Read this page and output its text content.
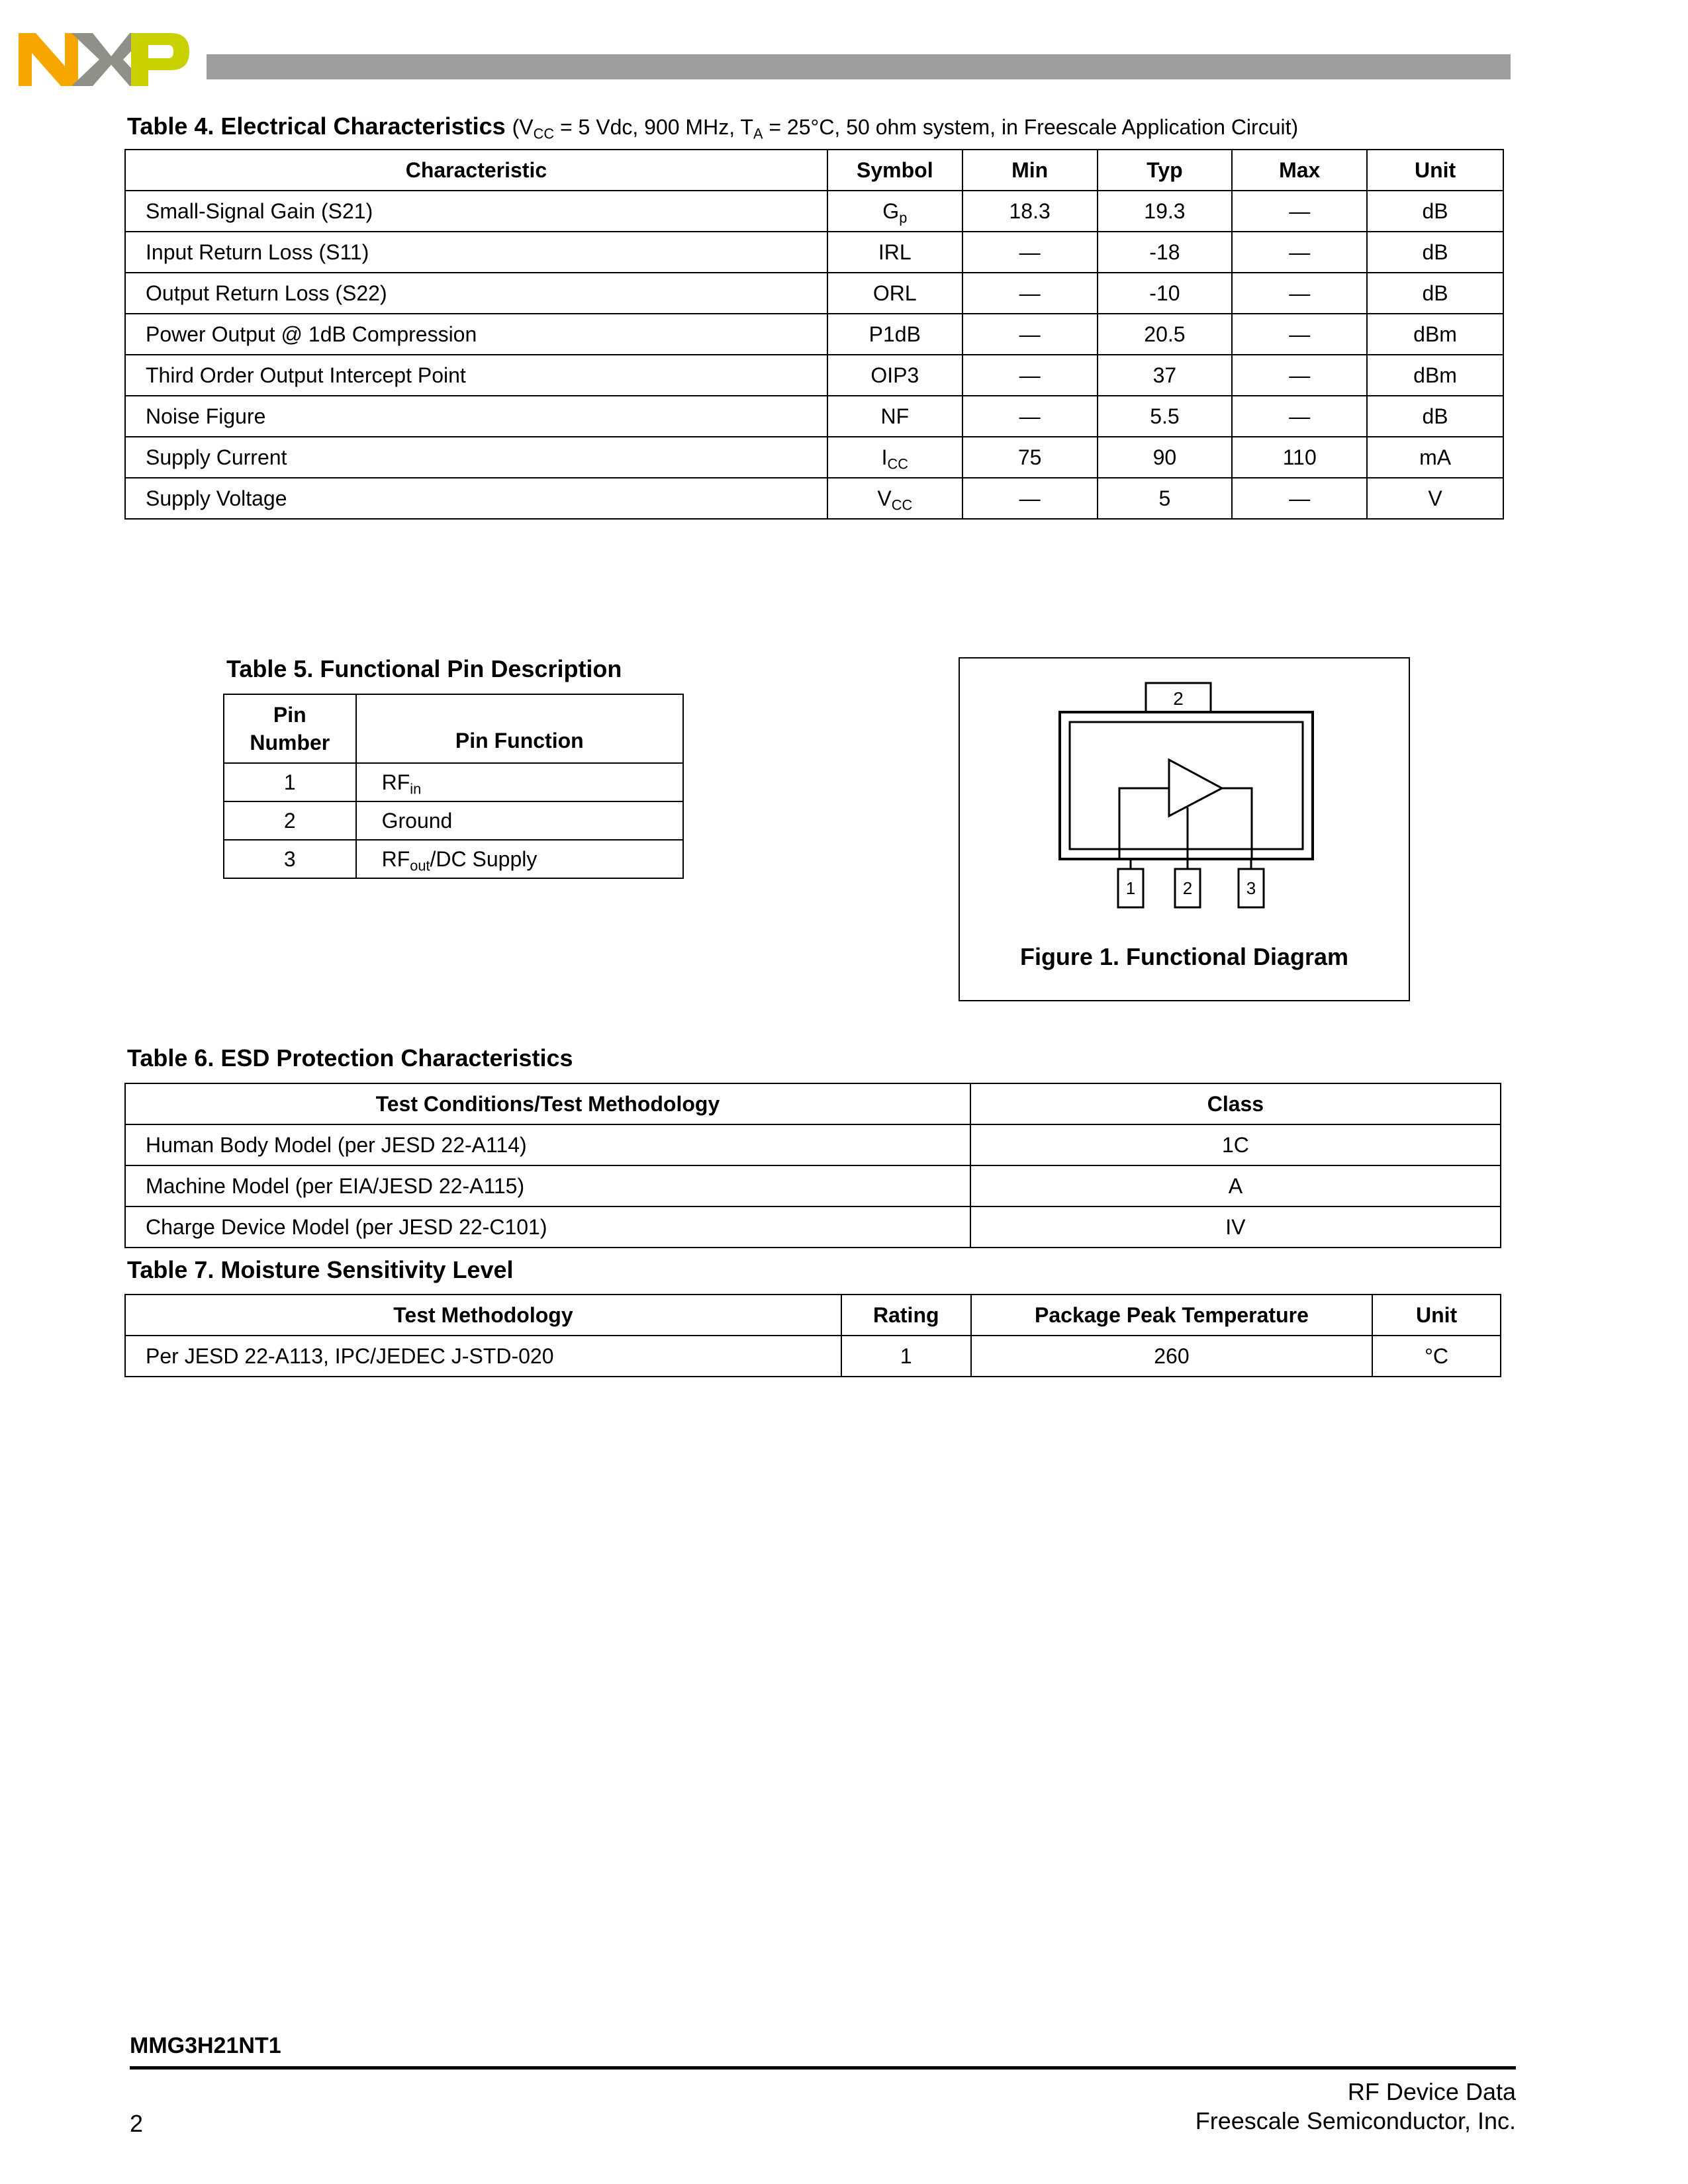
Table 4. Electrical Characteristics ($V_{CC} = 5$ Vdc, 900 MHz, $T_A = 25^\circ C$, 50 ohm system, in Freescale Application Circuit)
Characteristic	Symbol	Min	Typ	Max	Unit
Small-Signal Gain (S21)	$G_p$	18.3	19.3	—	dB
Input Return Loss (S11)	IRL	—	-18	—	dB
Output Return Loss (S22)	ORL	—	-10	—	dB
Power Output @ 1dB Compression	P1dB	—	20.5	—	dBm
Third Order Output Intercept Point	OIP3	—	37	—	dBm
Noise Figure	NF	—	5.5	—	dB
Supply Current	$I_{CC}$	75	90	110	mA
Supply Voltage	$V_{CC}$	—	5	—	V
Table 5. Functional Pin Description
Pin
Number	Pin Function
1	$RF_{in}$
2	Ground
3	$RF_{out}/DC$ Supply
2
1	2	3
Figure 1. Functional Diagram
Table 6. ESD Protection Characteristics
Test Conditions/Test Methodology	Class
Human Body Model (per JESD 22-A114)	1C
Machine Model (per EIA/JESD 22-A115)	A
Charge Device Model (per JESD 22-C101)	IV
Table 7. Moisture Sensitivity Level
Test Methodology	Rating	Package Peak Temperature	Unit
Per JESD 22-A113, IPC/JEDEC J-STD-020	1	260	°C
MMG3H21NT1
2
RF Device Data
Freescale Semiconductor, Inc.
